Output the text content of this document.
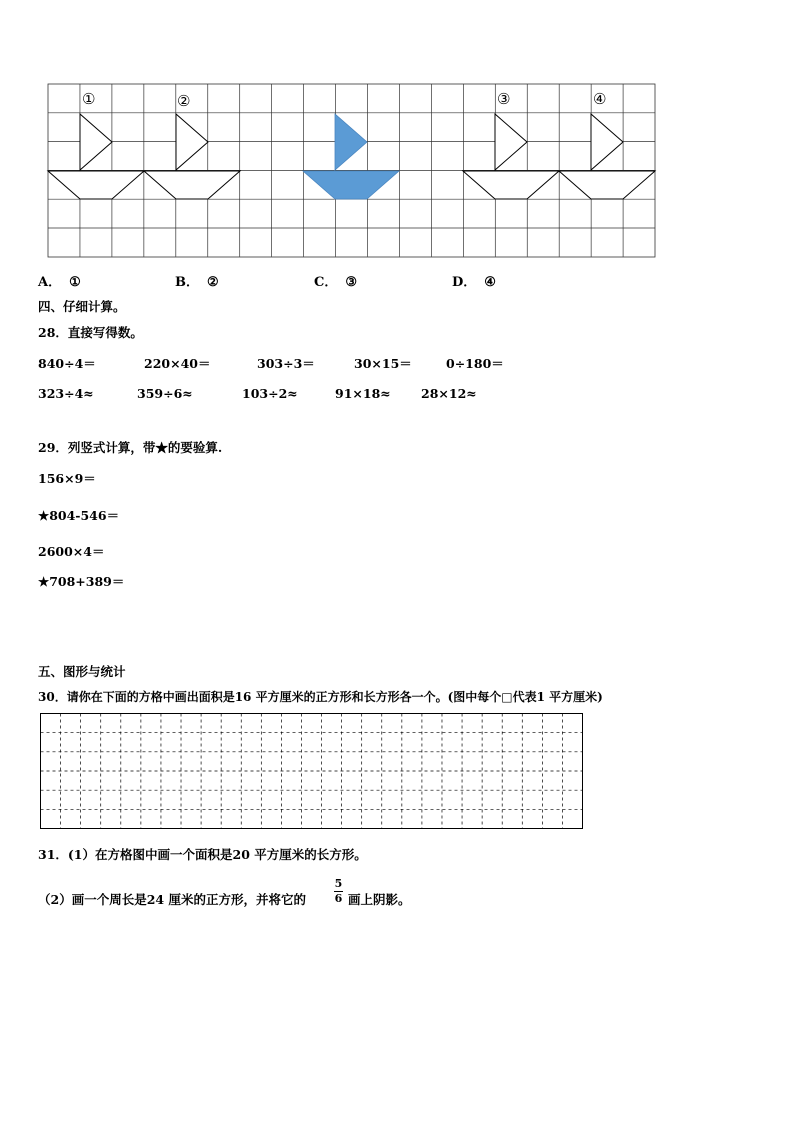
①	②	③	④
A． ①	B． ②	C． ③	D． ④
四、仔细计算。
28．直接写得数。
840÷4＝	220×40＝	303÷3＝	30×15＝	0÷180＝
323÷4≈	359÷6≈	103÷2≈	91×18≈ 28×12≈
29．列竖式计算，带★的要验算.
156×9＝
★804-546＝
2600×4＝
★708+389＝
五、图形与统计
30．请你在下面的方格中画出面积是16 平方厘米的正方形和长方形各一个。(图中每个□代表1 平方厘米)
31．(1）在方格图中画一个面积是20 平方厘米的长方形。
（2）画一个周长是24 厘米的正方形，并将它的
5
6 画上阴影。
